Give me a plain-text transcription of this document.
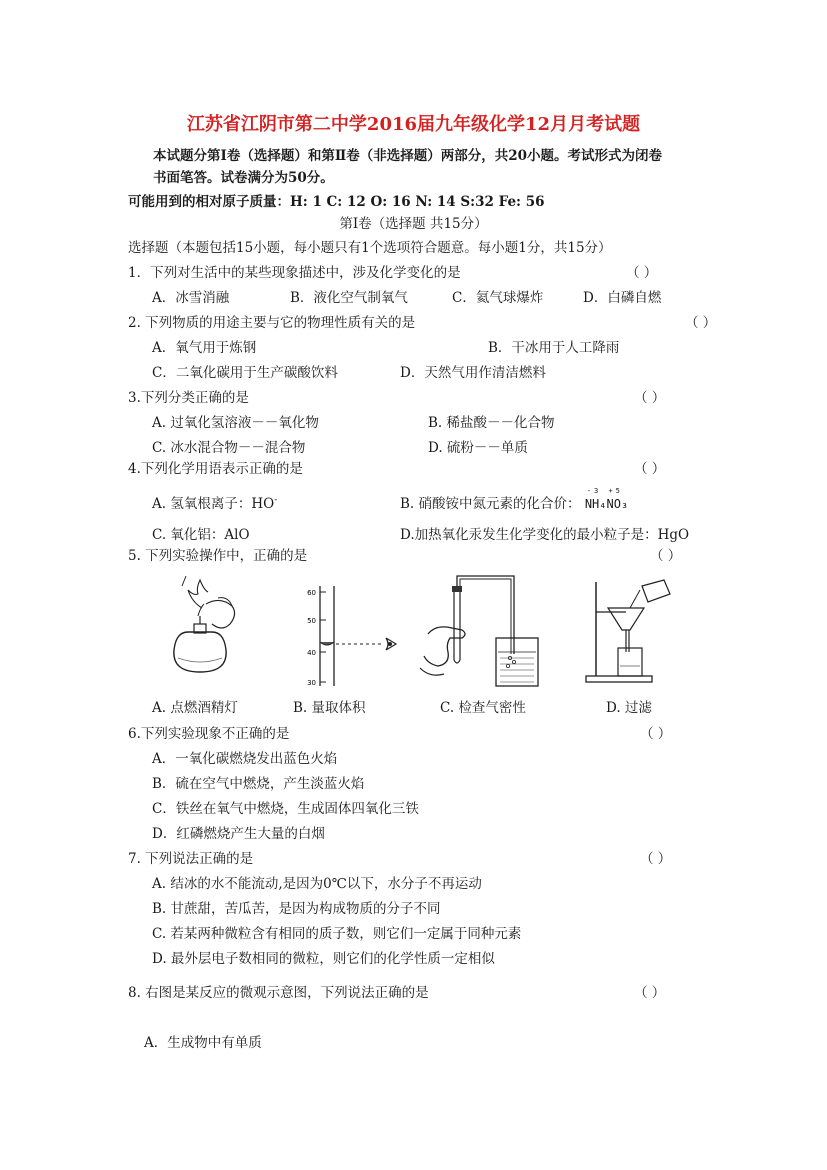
江苏省江阴市第二中学2016届九年级化学12月月考试题
本试题分第Ⅰ卷（选择题）和第Ⅱ卷（非选择题）两部分，共20小题。考试形式为闭卷书面笔答。试卷满分为50分。
可能用到的相对原子质量：H: 1 C: 12 O: 16 N: 14 S:32 Fe: 56
第Ⅰ卷（选择题 共15分）
选择题（本题包括15小题，每小题只有1个选项符合题意。每小题1分，共15分）
1．下列对生活中的某些现象描述中，涉及化学变化的是	（ ）
A．冰雪消融	B．液化空气制氧气	C．氦气球爆炸	D．白磷自燃
2. 下列物质的用途主要与它的物理性质有关的是	（ ）
A．氧气用于炼钢	B．干冰用于人工降雨
C．二氧化碳用于生产碳酸饮料	D．天然气用作清洁燃料
3.下列分类正确的是	（ ）
A. 过氧化氢溶液－－氧化物	B. 稀盐酸－－化合物
C. 冰水混合物－－混合物	D. 硫粉－－单质
4.下列化学用语表示正确的是	（ ）
A. 氢氧根离子：HO-	B. 硝酸铵中氮元素的化合价：
-3 +5
NH₄NO₃
C. 氧化铝：AlO	D.加热氧化汞发生化学变化的最小粒子是：HgO
5. 下列实验操作中，正确的是	（ ）
60
50
40
30
A. 点燃酒精灯	B. 量取体积	C. 检查气密性	D. 过滤
6.下列实验现象不正确的是	（ ）
A．一氧化碳燃烧发出蓝色火焰
B．硫在空气中燃烧，产生淡蓝火焰
C．铁丝在氧气中燃烧，生成固体四氧化三铁
D．红磷燃烧产生大量的白烟
7. 下列说法正确的是	（ ）
A. 结冰的水不能流动,是因为0℃以下，水分子不再运动
B. 甘蔗甜，苦瓜苦，是因为构成物质的分子不同
C. 若某两种微粒含有相同的质子数，则它们一定属于同种元素
D. 最外层电子数相同的微粒，则它们的化学性质一定相似
8. 右图是某反应的微观示意图，下列说法正确的是	（ ）
A．生成物中有单质
